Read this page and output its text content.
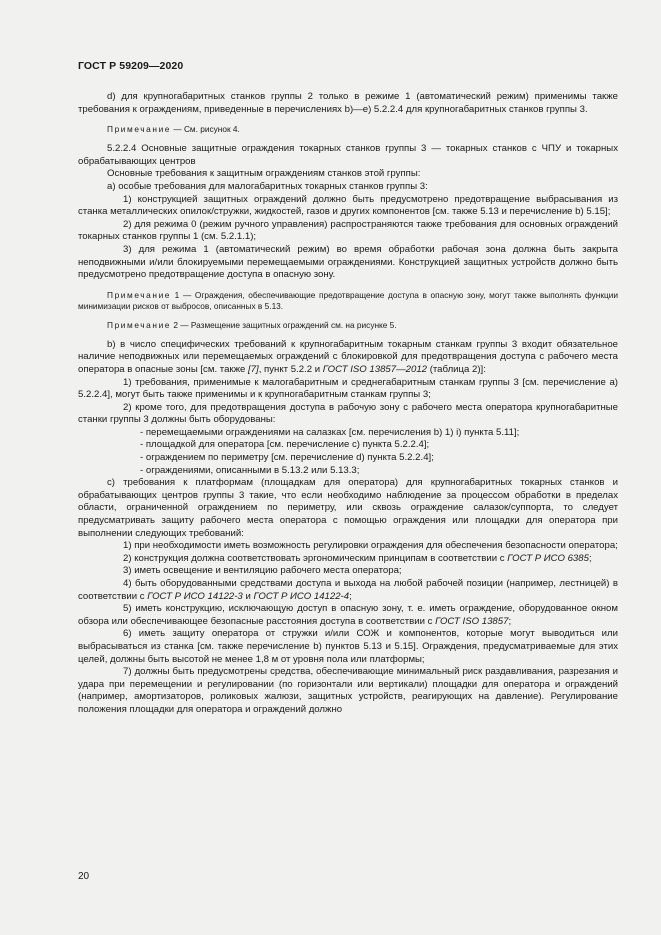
ГОСТ Р 59209—2020

d) для крупногабаритных станков группы 2 только в режиме 1 (автоматический режим) применимы также требования к ограждениям, приведенные в перечислениях b)—e) 5.2.2.4 для крупногабаритных станков группы 3.

Примечание — См. рисунок 4.

5.2.2.4 Основные защитные ограждения токарных станков группы 3 — токарных станков с ЧПУ и токарных обрабатывающих центров

Основные требования к защитным ограждениям станков этой группы:

a) особые требования для малогабаритных токарных станков группы 3:

1) конструкцией защитных ограждений должно быть предусмотрено предотвращение выбрасывания из станка металлических опилок/стружки, жидкостей, газов и других компонентов [см. также 5.13 и перечисление b) 5.15];

2) для режима 0 (режим ручного управления) распространяются также требования для основных ограждений токарных станков группы 1 (см. 5.2.1.1);

3) для режима 1 (автоматический режим) во время обработки рабочая зона должна быть закрыта неподвижными и/или блокируемыми перемещаемыми ограждениями. Конструкцией защитных устройств должно быть предусмотрено предотвращение доступа в опасную зону.

Примечание 1 — Ограждения, обеспечивающие предотвращение доступа в опасную зону, могут также выполнять функции минимизации рисков от выбросов, описанных в 5.13.

Примечание 2 — Размещение защитных ограждений см. на рисунке 5.

b) в число специфических требований к крупногабаритным токарным станкам группы 3 входит обязательное наличие неподвижных или перемещаемых ограждений с блокировкой для предотвращения доступа с рабочего места оператора в опасные зоны [см. также [7], пункт 5.2.2 и ГОСТ ISO 13857—2012 (таблица 2)]:

1) требования, применимые к малогабаритным и среднегабаритным станкам группы 3 [см. перечисление a) 5.2.2.4], могут быть также применимы и к крупногабаритным станкам группы 3;

2) кроме того, для предотвращения доступа в рабочую зону с рабочего места оператора крупногабаритные станки группы 3 должны быть оборудованы:

- перемещаемыми ограждениями на салазках [см. перечисления b) 1) i) пункта 5.11];

- площадкой для оператора [см. перечисление c) пункта 5.2.2.4];

- ограждением по периметру [см. перечисление d) пункта 5.2.2.4];

- ограждениями, описанными в 5.13.2 или 5.13.3;

c) требования к платформам (площадкам для оператора) для крупногабаритных токарных станков и обрабатывающих центров группы 3 такие, что если необходимо наблюдение за процессом обработки в пределах области, ограниченной ограждением по периметру, или сквозь ограждение салазок/суппорта, то следует предусматривать защиту рабочего места оператора с помощью ограждения или площадки для оператора при выполнении следующих требований:

1) при необходимости иметь возможность регулировки ограждения для обеспечения безопасности оператора;

2) конструкция должна соответствовать эргономическим принципам в соответствии с ГОСТ Р ИСО 6385;

3) иметь освещение и вентиляцию рабочего места оператора;

4) быть оборудованными средствами доступа и выхода на любой рабочей позиции (например, лестницей) в соответствии с ГОСТ Р ИСО 14122-3 и ГОСТ Р ИСО 14122-4;

5) иметь конструкцию, исключающую доступ в опасную зону, т. е. иметь ограждение, оборудованное окном обзора или обеспечивающее безопасные расстояния доступа в соответствии с ГОСТ ISO 13857;

6) иметь защиту оператора от стружки и/или СОЖ и компонентов, которые могут выводиться или выбрасываться из станка [см. также перечисление b) пунктов 5.13 и 5.15]. Ограждения, предусматриваемые для этих целей, должны быть высотой не менее 1,8 м от уровня пола или платформы;

7) должны быть предусмотрены средства, обеспечивающие минимальный риск раздавливания, разрезания и удара при перемещении и регулировании (по горизонтали или вертикали) площадки для оператора и ограждений (например, амортизаторов, роликовых жалюзи, защитных устройств, реагирующих на давление). Регулирование положения площадки для оператора и ограждений должно

20
